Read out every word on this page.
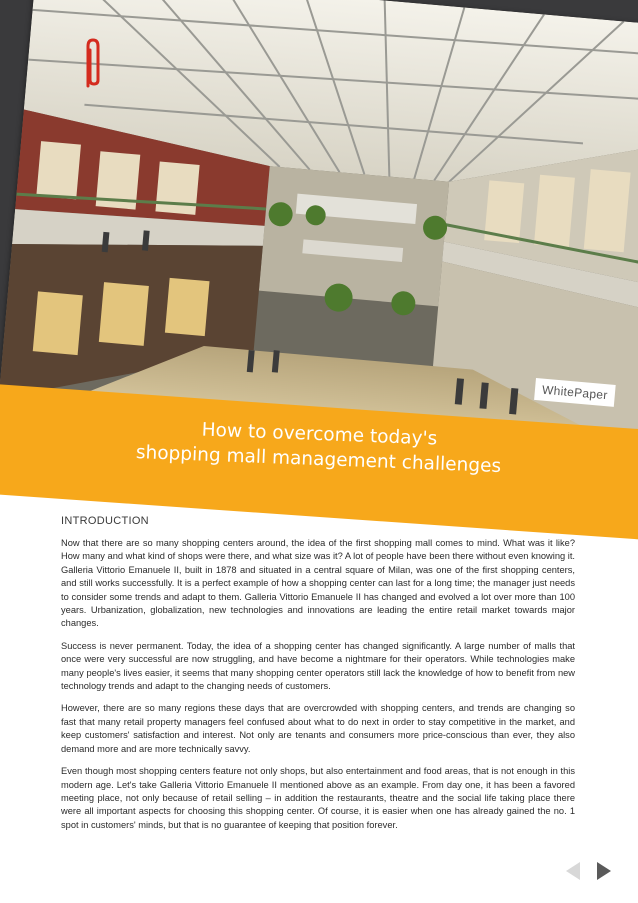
WhitePaper
How to overcome today's
shopping mall management challenges
INTRODUCTION

Now that there are so many shopping centers around, the idea of the first shopping mall comes to mind. What was it like? How many and what kind of shops were there, and what size was it? A lot of people have been there without even knowing it. Galleria Vittorio Emanuele II, built in 1878 and situated in a central square of Milan, was one of the first shopping centers, and still works successfully. It is a perfect example of how a shopping center can last for a long time; the manager just needs to consider some trends and adapt to them. Galleria Vittorio Emanuele II has changed and evolved a lot over more than 100 years. Urbanization, globalization, new technologies and innovations are leading the entire retail market towards major changes.

Success is never permanent. Today, the idea of a shopping center has changed significantly. A large number of malls that once were very successful are now struggling, and have become a nightmare for their operators. While technologies make many people's lives easier, it seems that many shopping center operators still lack the knowledge of how to benefit from new technology trends and adapt to the changing needs of customers.

However, there are so many regions these days that are overcrowded with shopping centers, and trends are changing so fast that many retail property managers feel confused about what to do next in order to stay competitive in the market, and keep customers' satisfaction and interest. Not only are tenants and consumers more price-conscious than ever, they also demand more and are more technically savvy.

Even though most shopping centers feature not only shops, but also entertainment and food areas, that is not enough in this modern age. Let's take Galleria Vittorio Emanuele II mentioned above as an example. From day one, it has been a favored meeting place, not only because of retail selling – in addition the restaurants, theatre and the social life taking place there were all important aspects for choosing this shopping center. Of course, it is easier when one has already gained the no. 1 spot in customers' minds, but that is no guarantee of keeping that position forever.
